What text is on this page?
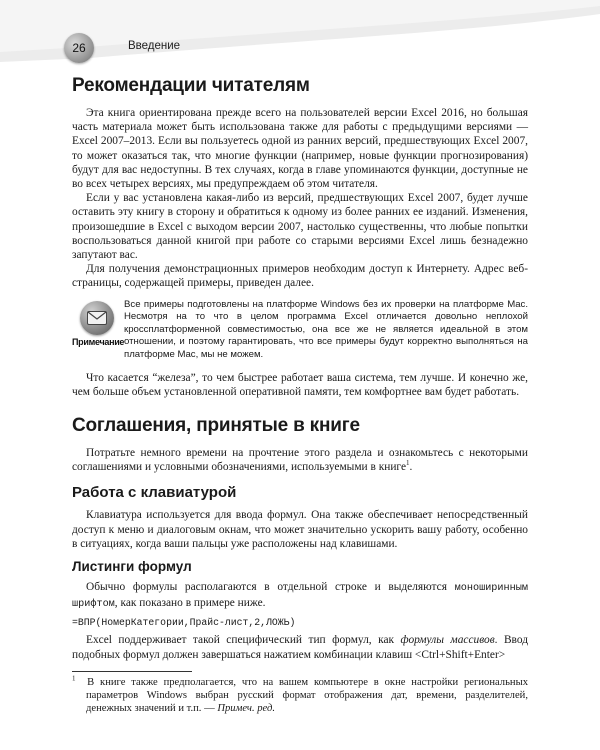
26	Введение
Рекомендации читателям

Эта книга ориентирована прежде всего на пользователей версии Excel 2016, но большая часть материала может быть использована также для работы с предыдущими версиями — Excel 2007–2013. Если вы пользуетесь одной из ранних версий, предшествующих Excel 2007, то может оказаться так, что многие функции (например, новые функции прогнозирования) будут для вас недоступны. В тех случаях, когда в главе упоминаются функции, доступные не во всех четырех версиях, мы предупреждаем об этом читателя.

Если у вас установлена какая-либо из версий, предшествующих Excel 2007, будет лучше оставить эту книгу в сторону и обратиться к одному из более ранних ее изданий. Изменения, произошедшие в Excel с выходом версии 2007, настолько существенны, что любые попытки воспользоваться данной книгой при работе со старыми версиями Excel лишь безнадежно запутают вас.

Для получения демонстрационных примеров необходим доступ к Интернету. Адрес веб-страницы, содержащей примеры, приведен далее.

Примечание

Все примеры подготовлены на платформе Windows без их проверки на платформе Mac. Несмотря на то что в целом программа Excel отличается довольно неплохой кроссплатформенной совместимостью, она все же не является идеальной в этом отношении, и поэтому гарантировать, что все примеры будут корректно выполняться на платформе Mac, мы не можем.

Что касается “железа”, то чем быстрее работает ваша система, тем лучше. И конечно же, чем больше объем установленной оперативной памяти, тем комфортнее вам будет работать.

Соглашения, принятые в книге

Потратьте немного времени на прочтение этого раздела и ознакомьтесь с некоторыми соглашениями и условными обозначениями, используемыми в книге$^1$.

Работа с клавиатурой

Клавиатура используется для ввода формул. Она также обеспечивает непосредственный доступ к меню и диалоговым окнам, что может значительно ускорить вашу работу, особенно в ситуациях, когда ваши пальцы уже расположены над клавишами.

Листинги формул

Обычно формулы располагаются в отдельной строке и выделяются моноширинным шрифтом, как показано в примере ниже.

=ВПР(НомерКатегории,Прайс-лист,2,ЛОЖЬ)

Excel поддерживает такой специфический тип формул, как формулы массивов. Ввод подобных формул должен завершаться нажатием комбинации клавиш <Ctrl+Shift+Enter>

$^1$ В книге также предполагается, что на вашем компьютере в окне настройки региональных параметров Windows выбран русский формат отображения дат, времени, разделителей, денежных значений и т.п. — Примеч. ред.
